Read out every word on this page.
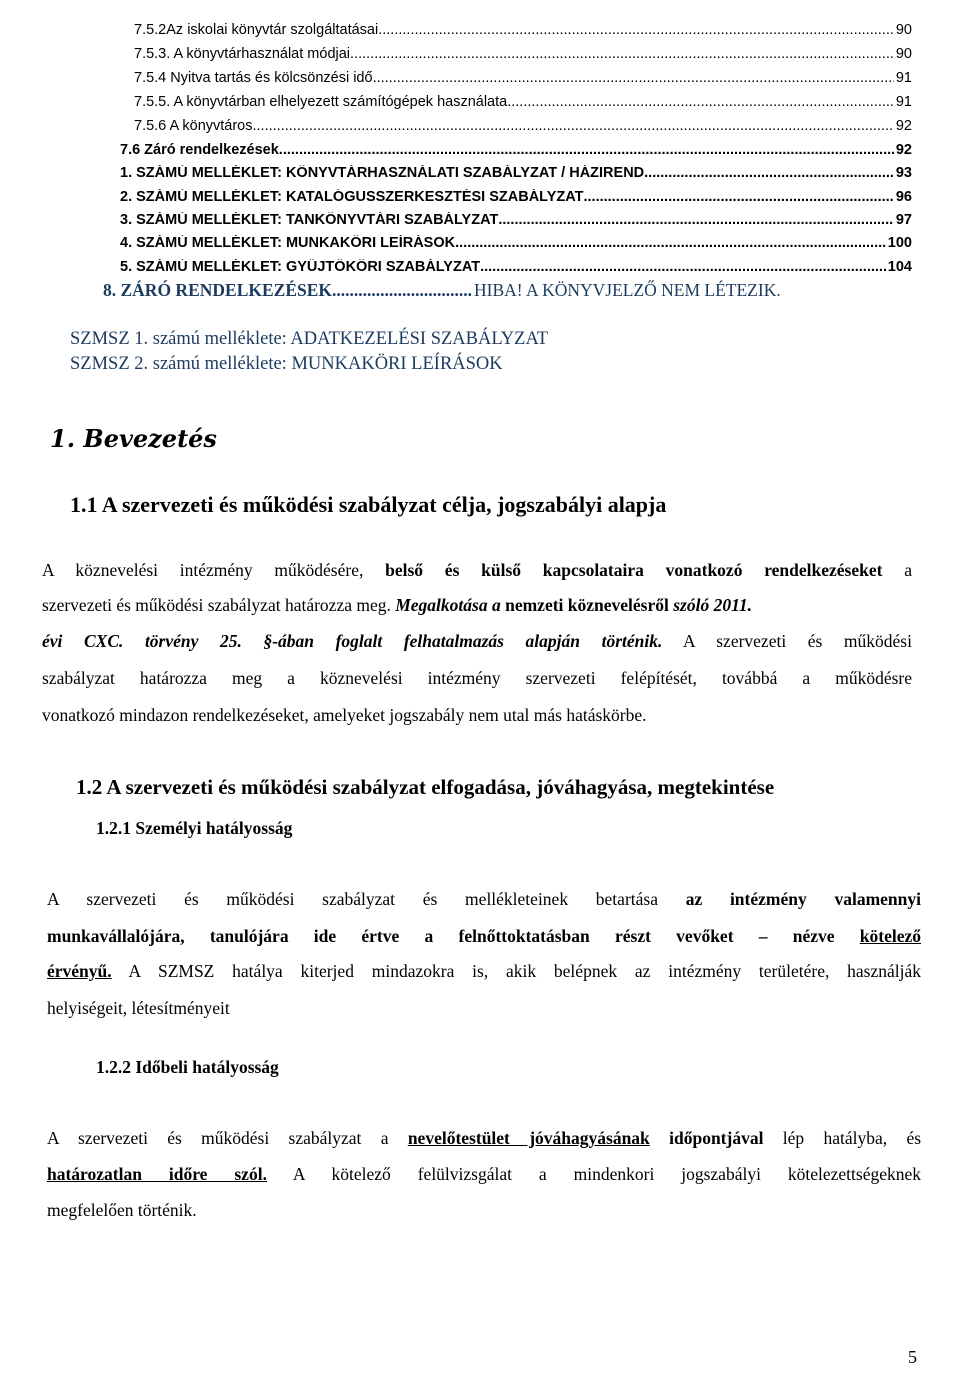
7.5.2Az iskolai könyvtár szolgáltatásai .....	90
7.5.3. A könyvtárhasználat módjai .....	90
7.5.4 Nyitva tartás és kölcsönzési idő .....	91
7.5.5. A könyvtárban elhelyezett számítógépek használata .....	91
7.5.6 A könyvtáros .....	92
7.6 Záró rendelkezések .....	92
1. SZÁMÚ MELLÉKLET: KÖNYVTÁRHASZNÁLATI SZABÁLYZAT / HÁZIREND .....	93
2. SZÁMÚ MELLÉKLET: KATALÓGUSSZERKESZTÉSI SZABÁLYZAT .....	96
3. SZÁMÚ MELLÉKLET: TANKÖNYVTÁRI SZABÁLYZAT .....	97
4. SZÁMÚ MELLÉKLET: MUNKAKÖRI LEÍRÁSOK .....	100
5. SZÁMÚ MELLÉKLET: GYŰJTŐKÖRI SZABÁLYZAT .....	104
8. ZÁRÓ RENDELKEZÉSEK .....	HIBA! A KÖNYVJELZŐ NEM LÉTEZIK.
SZMSZ 1. számú melléklete: ADATKEZELÉSI SZABÁLYZAT
SZMSZ 2. számú melléklete: MUNKAKÖRI LEÍRÁSOK
1. Bevezetés
1.1 A szervezeti és működési szabályzat célja, jogszabályi alapja
A köznevelési intézmény működésére, belső és külső kapcsolataira vonatkozó rendelkezéseket a
szervezeti és működési szabályzat határozza meg. Megalkotása a nemzeti köznevelésről szóló 2011.
évi CXC. törvény 25. §-ában foglalt felhatalmazás alapján történik. A szervezeti és működési
szabályzat határozza meg a köznevelési intézmény szervezeti felépítését, továbbá a működésre
vonatkozó mindazon rendelkezéseket, amelyeket jogszabály nem utal más hatáskörbe.
1.2 A szervezeti és működési szabályzat elfogadása, jóváhagyása, megtekintése
1.2.1 Személyi hatályosság
A szervezeti és működési szabályzat és mellékleteinek betartása az intézmény valamennyi
munkavállalójára, tanulójára ide értve a felnőttoktatásban részt vevőket – nézve kötelező
érvényű. A SZMSZ hatálya kiterjed mindazokra is, akik belépnek az intézmény területére, használják
helyiségeit, létesítményeit
1.2.2 Időbeli hatályosság
A szervezeti és működési szabályzat a nevelőtestület jóváhagyásának időpontjával lép hatályba, és
határozatlan időre szól. A kötelező felülvizsgálat a mindenkori jogszabályi kötelezettségeknek
megfelelően történik.
5
